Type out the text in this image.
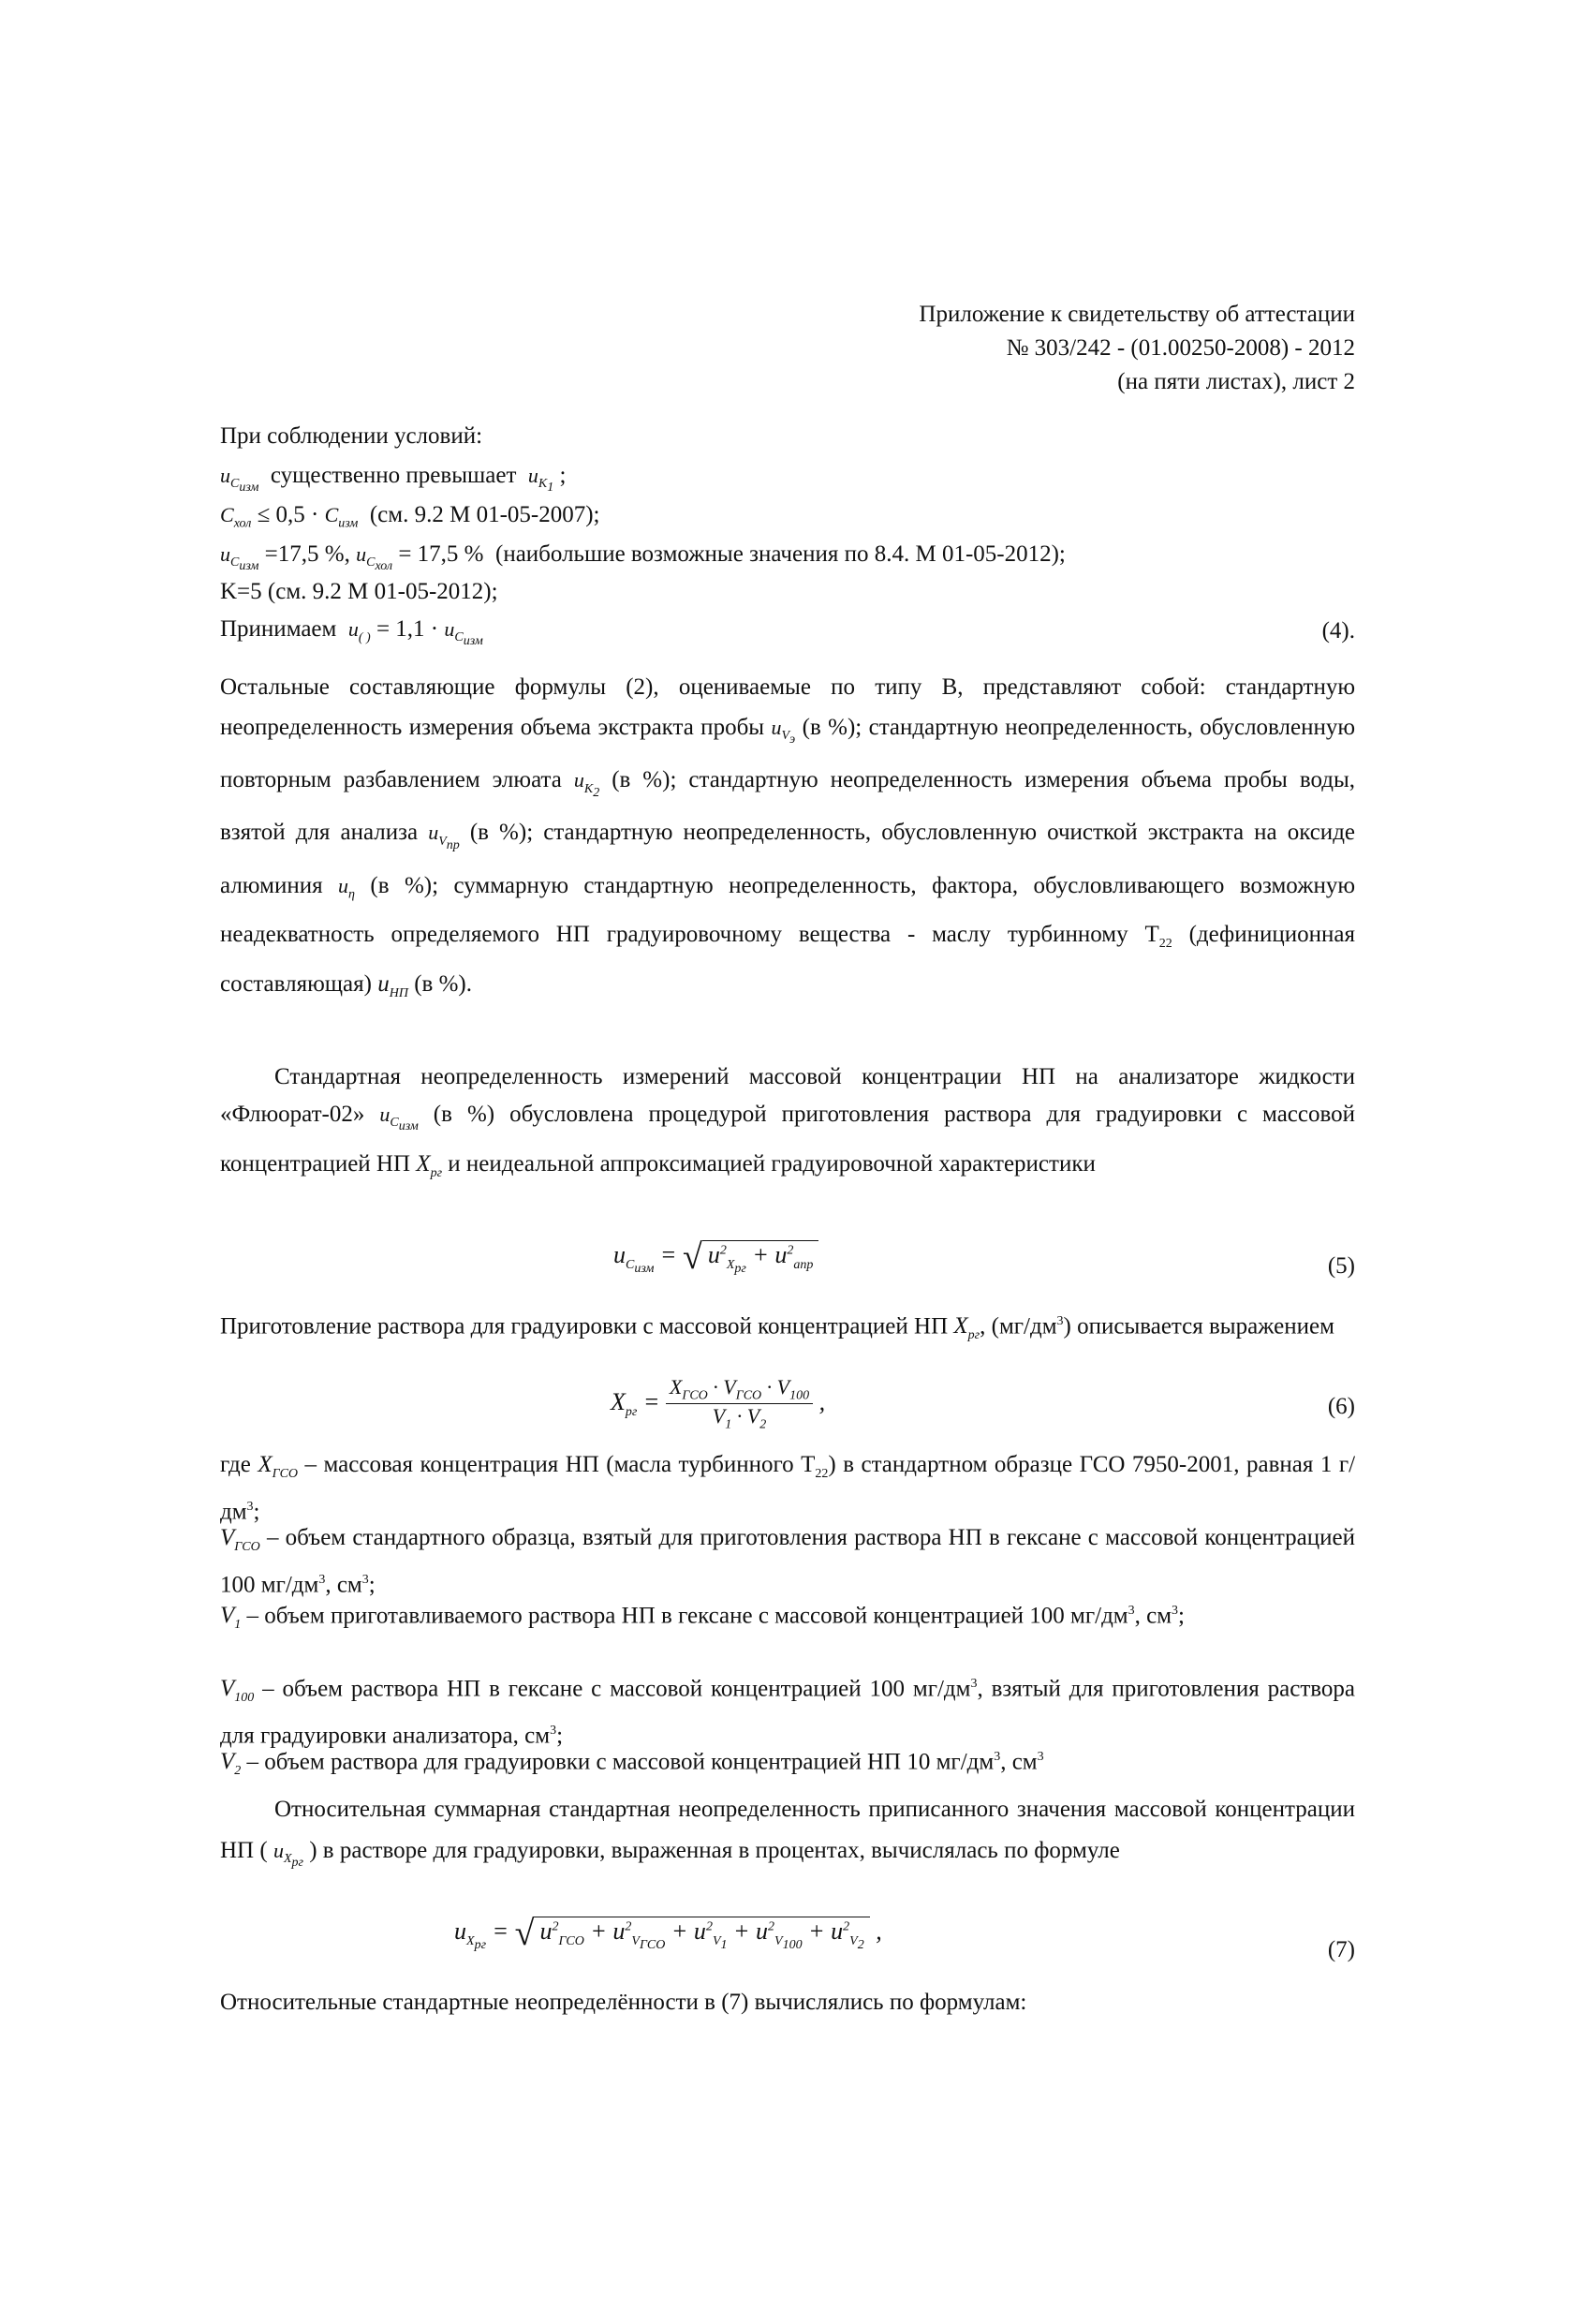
Приложение к свидетельству об аттестации
№ 303/242 - (01.00250-2008) - 2012
(на пяти листах), лист 2
При соблюдении условий:
$u_{C_{изм}}$ существенно превышает $u_{K_1}$ ;
$C_{хол} \le 0,5 \cdot C_{изм}$ (см. 9.2 М 01-05-2007);
$u_{C_{изм}} =17,5$ %, $u_{C_{хол}} = 17,5$ % (наибольшие возможные значения по 8.4. М 01-05-2012);
K=5 (см. 9.2 М 01-05-2012);
Принимаем $u_{( )} = 1,1 \cdot u_{C_{изм}}$	(4).
Остальные составляющие формулы (2), оцениваемые по типу В, представляют собой: стандартную неопределенность измерения объема экстракта пробы $u_{V_э}$ (в %); стандартную неопределенность, обусловленную повторным разбавлением элюата $u_{K_2}$ (в %); стандартную неопределенность измерения объема пробы воды, взятой для анализа $u_{V_{пр}}$ (в %); стандартную неопределенность, обусловленную очисткой экстракта на оксиде алюминия $u_\eta$ (в %); суммарную стандартную неопределенность, фактора, обусловливающего возможную неадекватность определяемого НП градуировочному вещества - маслу турбинному $Т_{22}$ (дефиниционная составляющая) $u_{НП}$ (в %).
Стандартная неопределенность измерений массовой концентрации НП на анализаторе жидкости «Флюорат-02» $u_{C_{изм}}$ (в %) обусловлена процедурой приготовления раствора для градуировки с массовой концентрацией НП $X_{рг}$ и неидеальной аппроксимацией градуировочной характеристики
$u_{C_{изм}}$ = √ $u^2_{X_{рг}} + u^2_{апр}$	(5)
Приготовление раствора для градуировки с массовой концентрацией НП $X_{рг}$, $(мг/дм^3)$ описывается выражением
$X_{рг} = \frac{X_{ГСО} \cdot V_{ГСО} \cdot V_{100}}{V_1 \cdot V_2}$ ,	(6)
где $X_{ГСО}$ – массовая концентрация НП (масла турбинного $Т_{22}$) в стандартном образце ГСО 7950-2001, равная 1 $г/дм^3$;
$V_{ГСО}$ – объем стандартного образца, взятый для приготовления раствора НП в гексане с массовой концентрацией 100 $мг/дм^3$, $см^3$;
$V_1$ – объем приготавливаемого раствора НП в гексане с массовой концентрацией 100 $мг/дм^3$, $см^3$;
$V_{100}$ – объем раствора НП в гексане с массовой концентрацией 100 $мг/дм^3$, взятый для приготовления раствора для градуировки анализатора, $см^3$;
$V_2$ – объем раствора для градуировки с массовой концентрацией НП 10 $мг/дм^3$, $см^3$
Относительная суммарная стандартная неопределенность приписанного значения массовой концентрации НП ( $u_{X_{рг}}$ ) в растворе для градуировки, выраженная в процентах, вычислялась по формуле
$u_{X_{рг}}$ = √ $u^2_{ГСО} + u^2_{V_{ГСО}} + u^2_{V_1} + u^2_{V_{100}} + u^2_{V_2}$ ,
(7)
Относительные стандартные неопределённости в (7) вычислялись по формулам:
